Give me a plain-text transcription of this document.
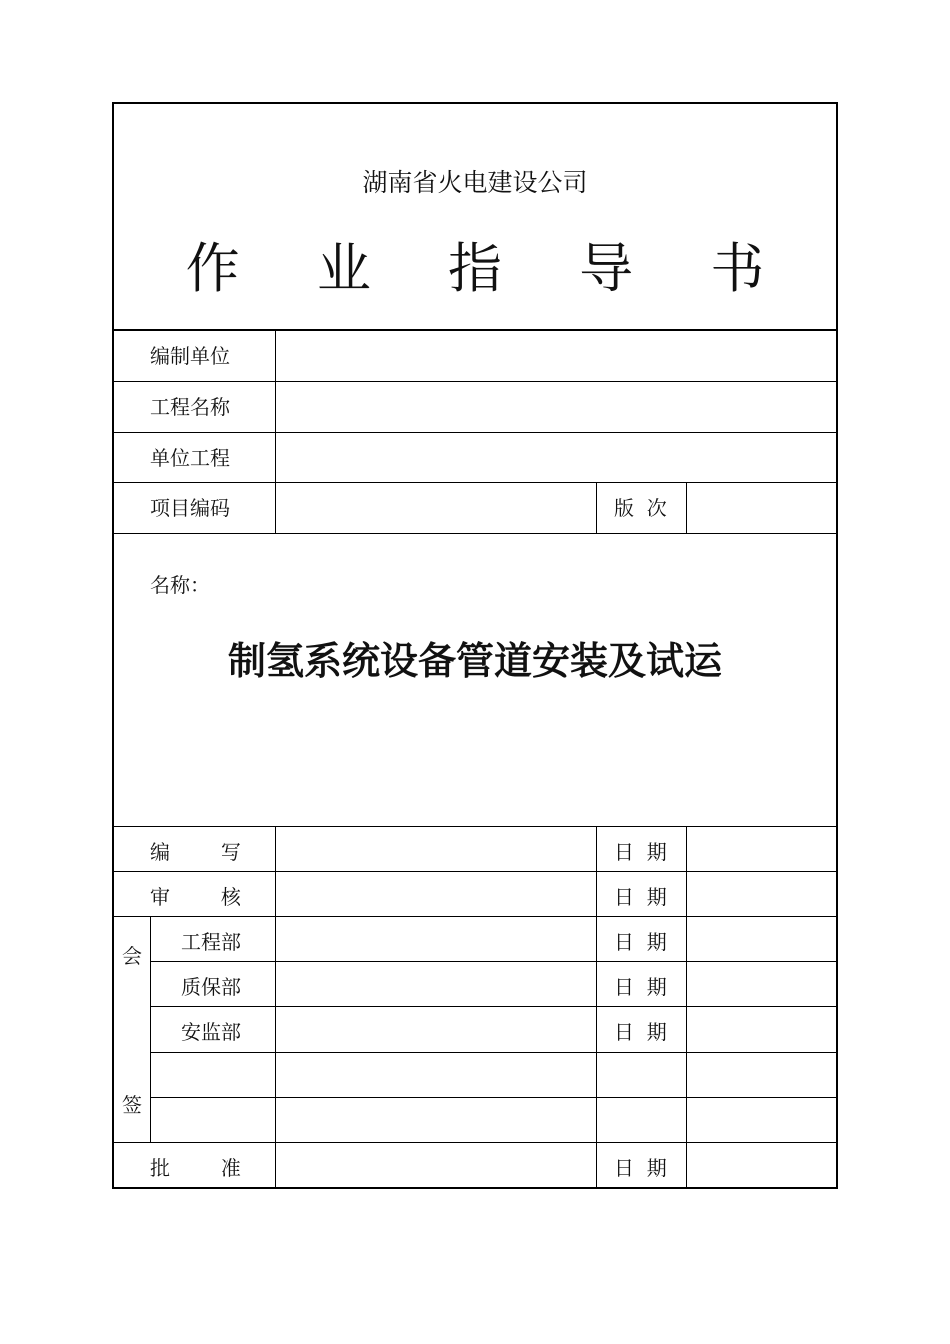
湖南省火电建设公司
作 业 指 导 书
编制单位
工程名称
单位工程
项目编码	版  次
名称：
制氢系统设备管道安装及试运
编        写	日  期
审        核	日  期
会
签
工程部	日  期
质保部	日  期
安监部	日  期
批        准	日  期
